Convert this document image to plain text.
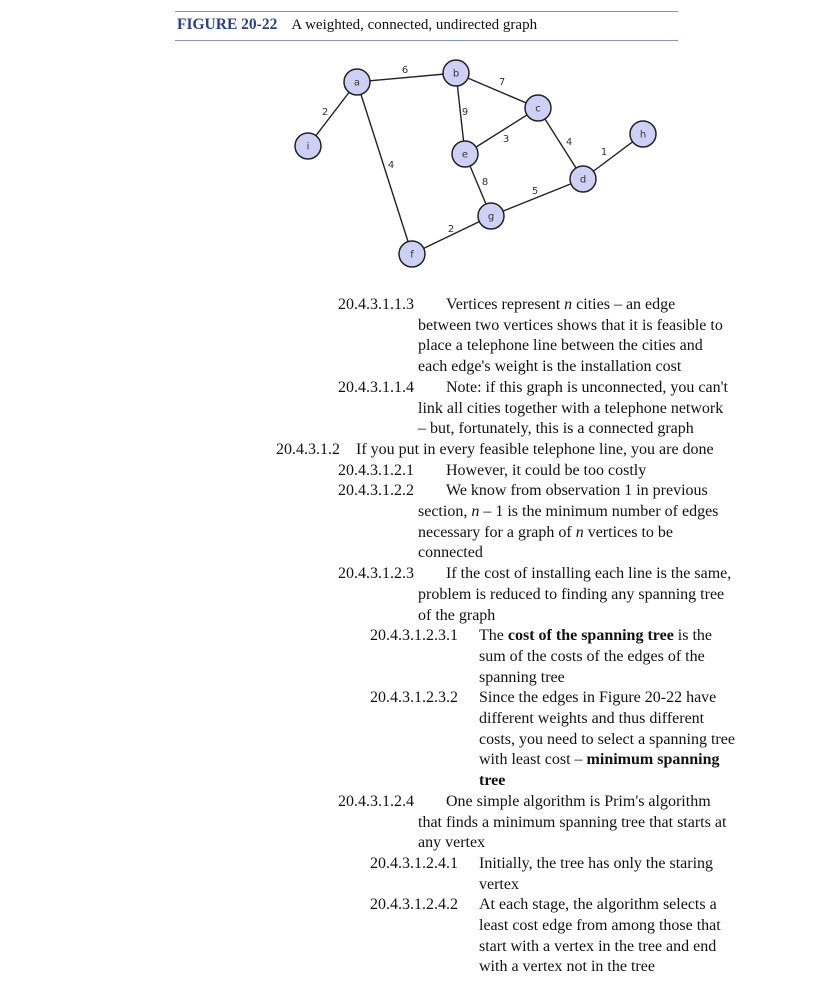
FIGURE 20-22 A weighted, connected, undirected graph
6
7
2	9
3	4
1
4
8
5
2
a
b
c
d
e
f
g
h
i
20.4.3.1.1.3 Vertices represent n cities – an edge
between two vertices shows that it is feasible to
place a telephone line between the cities and
each edge's weight is the installation cost
20.4.3.1.1.4 Note: if this graph is unconnected, you can't
link all cities together with a telephone network
– but, fortunately, this is a connected graph
20.4.3.1.2 If you put in every feasible telephone line, you are done
20.4.3.1.2.1 However, it could be too costly
20.4.3.1.2.2 We know from observation 1 in previous
section, n – 1 is the minimum number of edges
necessary for a graph of n vertices to be
connected
20.4.3.1.2.3 If the cost of installing each line is the same,
problem is reduced to finding any spanning tree
of the graph
20.4.3.1.2.3.1 The cost of the spanning tree is the
sum of the costs of the edges of the
spanning tree
20.4.3.1.2.3.2 Since the edges in Figure 20-22 have
different weights and thus different
costs, you need to select a spanning tree
with least cost – minimum spanning
tree
20.4.3.1.2.4 One simple algorithm is Prim's algorithm
that finds a minimum spanning tree that starts at
any vertex
20.4.3.1.2.4.1 Initially, the tree has only the staring
vertex
20.4.3.1.2.4.2 At each stage, the algorithm selects a
least cost edge from among those that
start with a vertex in the tree and end
with a vertex not in the tree
